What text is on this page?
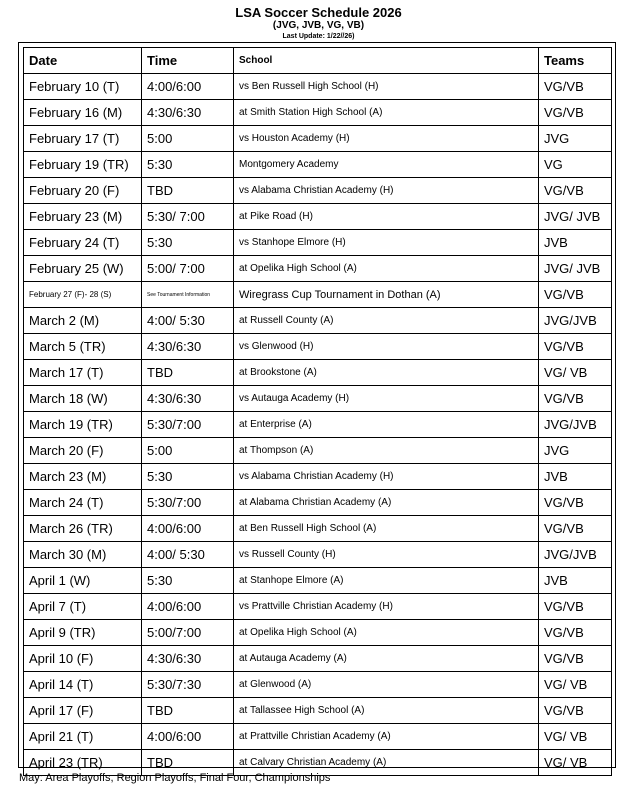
LSA Soccer Schedule 2026
(JVG, JVB, VG, VB)
Last Update: 1/22//26)
Date	Time	School	Teams
February 10 (T)	4:00/6:00	vs Ben Russell High School (H)	VG/VB
February 16 (M)	4:30/6:30	at Smith Station High School (A)	VG/VB
February 17 (T)	5:00	vs Houston Academy (H)	JVG
February 19 (TR)	5:30	Montgomery Academy	VG
February 20 (F)	TBD	vs Alabama Christian Academy (H)	VG/VB
February 23 (M)	5:30/ 7:00	at Pike Road (H)	JVG/ JVB
February 24 (T)	5:30	vs Stanhope Elmore (H)	JVB
February 25 (W)	5:00/ 7:00	at Opelika High School (A)	JVG/ JVB
February 27 (F)- 28 (S)	See Tournament Information	Wiregrass Cup Tournament in Dothan (A)	VG/VB
March 2 (M)	4:00/ 5:30	at Russell County (A)	JVG/JVB
March 5 (TR)	4:30/6:30	vs Glenwood (H)	VG/VB
March 17 (T)	TBD	at Brookstone (A)	VG/ VB
March 18 (W)	4:30/6:30	vs Autauga Academy (H)	VG/VB
March 19 (TR)	5:30/7:00	at Enterprise (A)	JVG/JVB
March 20 (F)	5:00	at Thompson (A)	JVG
March 23 (M)	5:30	vs Alabama Christian Academy (H)	JVB
March 24 (T)	5:30/7:00	at Alabama Christian Academy (A)	VG/VB
March 26 (TR)	4:00/6:00	at Ben Russell High School (A)	VG/VB
March 30 (M)	4:00/ 5:30	vs Russell County (H)	JVG/JVB
April 1 (W)	5:30	at Stanhope Elmore (A)	JVB
April 7 (T)	4:00/6:00	vs Prattville Christian Academy (H)	VG/VB
April 9 (TR)	5:00/7:00	at Opelika High School (A)	VG/VB
April 10 (F)	4:30/6:30	at Autauga Academy (A)	VG/VB
April 14 (T)	5:30/7:30	at Glenwood (A)	VG/ VB
April 17 (F)	TBD	at Tallassee High School (A)	VG/VB
April 21 (T)	4:00/6:00	at Prattville Christian Academy (A)	VG/ VB
April 23 (TR)	TBD	at Calvary Christian Academy (A)	VG/ VB
May: Area Playoffs, Region Playoffs, Final Four, Championships
